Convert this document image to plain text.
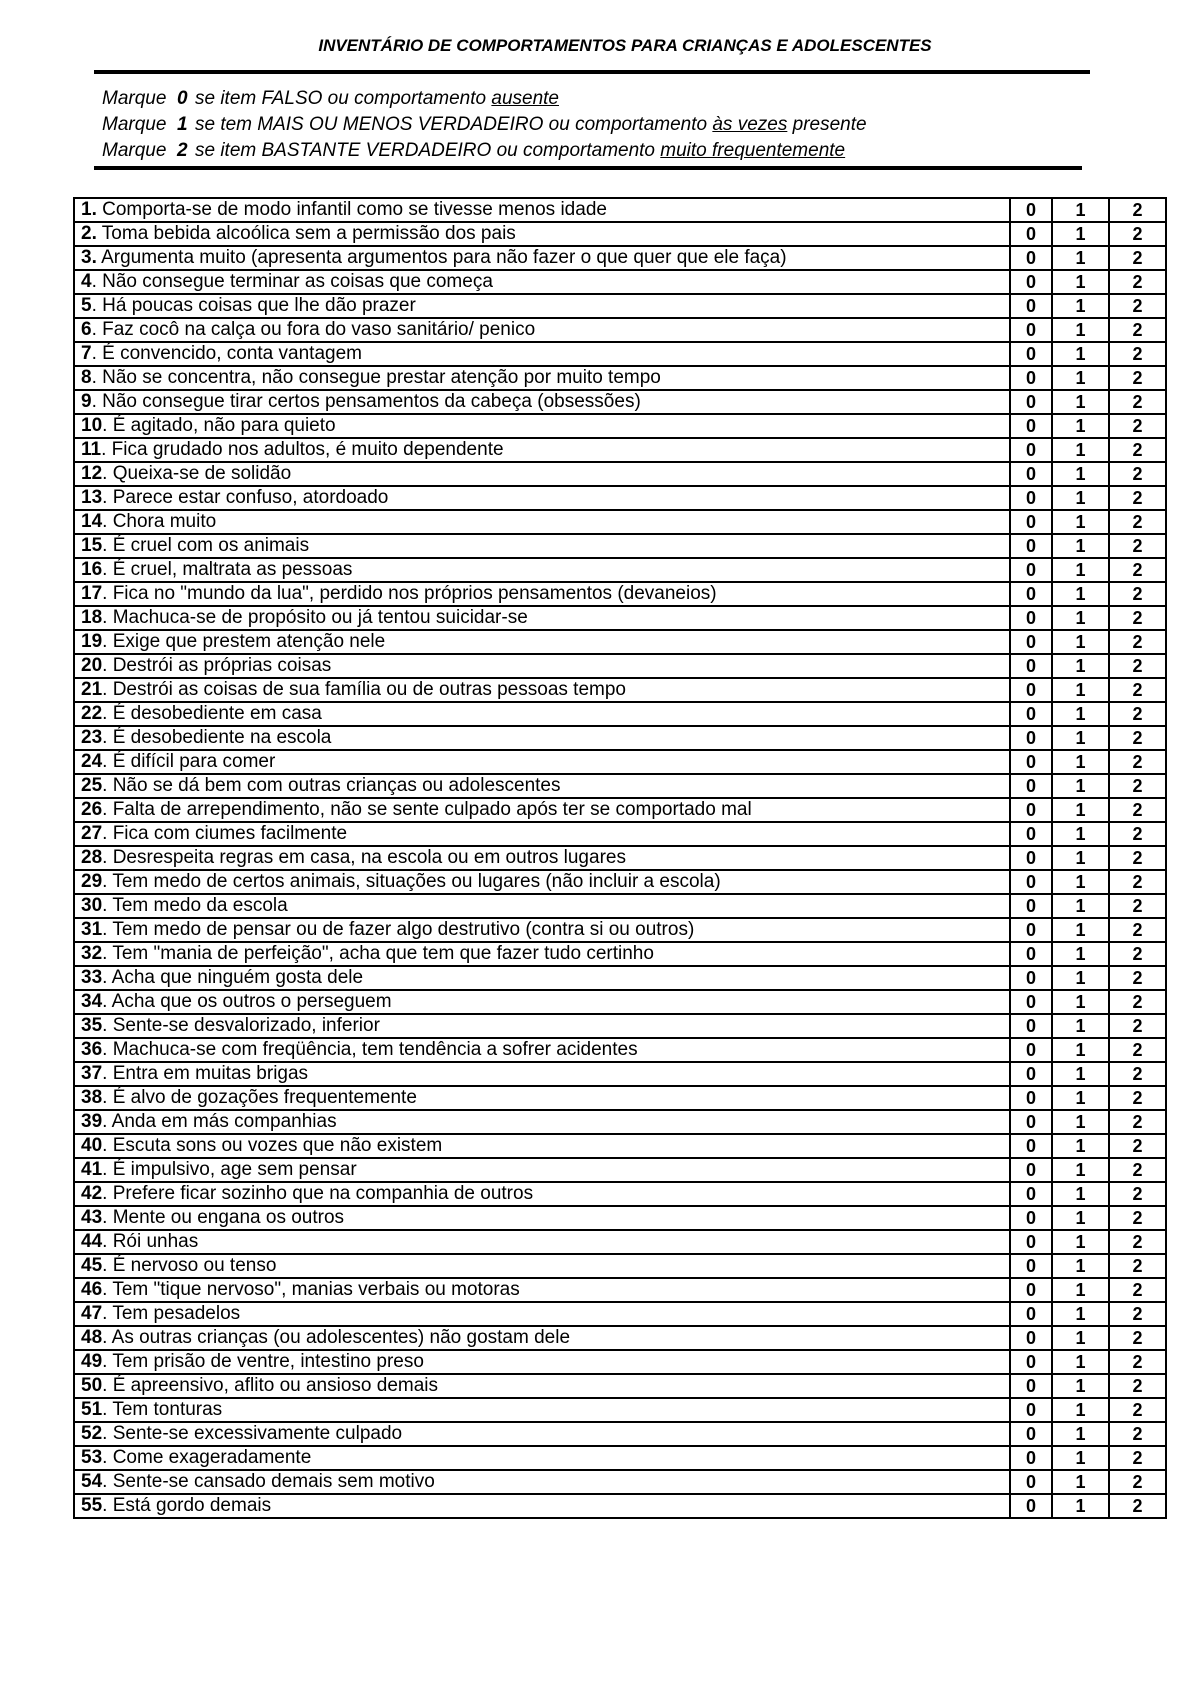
INVENTÁRIO DE COMPORTAMENTOS PARA CRIANÇAS E ADOLESCENTES
Marque 0 se item FALSO ou comportamento ausente
Marque 1 se tem MAIS OU MENOS VERDADEIRO ou comportamento às vezes presente
Marque 2 se item BASTANTE VERDADEIRO ou comportamento muito frequentemente
1. Comporta-se de modo infantil como se tivesse menos idade	0	1	2
2. Toma bebida alcoólica sem a permissão dos pais	0	1	2
3. Argumenta muito (apresenta argumentos para não fazer o que quer que ele faça)	0	1	2
4. Não consegue terminar as coisas que começa	0	1	2
5. Há poucas coisas que lhe dão prazer	0	1	2
6. Faz cocô na calça ou fora do vaso sanitário/ penico	0	1	2
7. É convencido, conta vantagem	0	1	2
8. Não se concentra, não consegue prestar atenção por muito tempo	0	1	2
9. Não consegue tirar certos pensamentos da cabeça (obsessões)	0	1	2
10. É agitado, não para quieto	0	1	2
11. Fica grudado nos adultos, é muito dependente	0	1	2
12. Queixa-se de solidão	0	1	2
13. Parece estar confuso, atordoado	0	1	2
14. Chora muito	0	1	2
15. É cruel com os animais	0	1	2
16. É cruel, maltrata as pessoas	0	1	2
17. Fica no "mundo da lua", perdido nos próprios pensamentos (devaneios)	0	1	2
18. Machuca-se de propósito ou já tentou suicidar-se	0	1	2
19. Exige que prestem atenção nele	0	1	2
20. Destrói as próprias coisas	0	1	2
21. Destrói as coisas de sua família ou de outras pessoas tempo	0	1	2
22. É desobediente em casa	0	1	2
23. É desobediente na escola	0	1	2
24. É difícil para comer	0	1	2
25. Não se dá bem com outras crianças ou adolescentes	0	1	2
26. Falta de arrependimento, não se sente culpado após ter se comportado mal	0	1	2
27. Fica com ciumes facilmente	0	1	2
28. Desrespeita regras em casa, na escola ou em outros lugares	0	1	2
29. Tem medo de certos animais, situações ou lugares (não incluir a escola)	0	1	2
30. Tem medo da escola	0	1	2
31. Tem medo de pensar ou de fazer algo destrutivo (contra si ou outros)	0	1	2
32. Tem "mania de perfeição", acha que tem que fazer tudo certinho	0	1	2
33. Acha que ninguém gosta dele	0	1	2
34. Acha que os outros o perseguem	0	1	2
35. Sente-se desvalorizado, inferior	0	1	2
36. Machuca-se com freqüência, tem tendência a sofrer acidentes	0	1	2
37. Entra em muitas brigas	0	1	2
38. É alvo de gozações frequentemente	0	1	2
39. Anda em más companhias	0	1	2
40. Escuta sons ou vozes que não existem	0	1	2
41. É impulsivo, age sem pensar	0	1	2
42. Prefere ficar sozinho que na companhia de outros	0	1	2
43. Mente ou engana os outros	0	1	2
44. Rói unhas	0	1	2
45. É nervoso ou tenso	0	1	2
46. Tem "tique nervoso", manias verbais ou motoras	0	1	2
47. Tem pesadelos	0	1	2
48. As outras crianças (ou adolescentes) não gostam dele	0	1	2
49. Tem prisão de ventre, intestino preso	0	1	2
50. É apreensivo, aflito ou ansioso demais	0	1	2
51. Tem tonturas	0	1	2
52. Sente-se excessivamente culpado	0	1	2
53. Come exageradamente	0	1	2
54. Sente-se cansado demais sem motivo	0	1	2
55. Está gordo demais	0	1	2
